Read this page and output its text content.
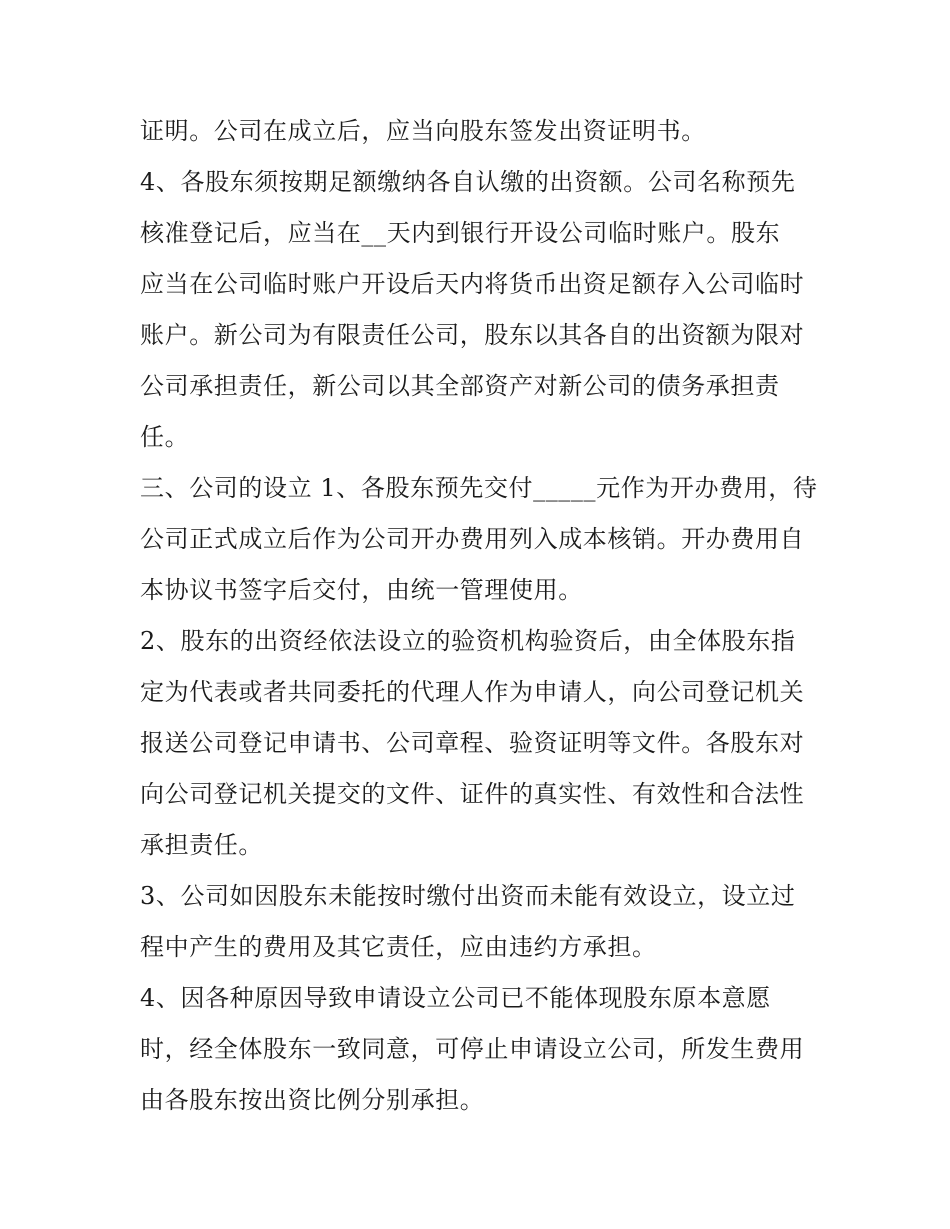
证明。公司在成立后，应当向股东签发出资证明书。
4、各股东须按期足额缴纳各自认缴的出资额。公司名称预先
核准登记后，应当在__天内到银行开设公司临时账户。股东
应当在公司临时账户开设后天内将货币出资足额存入公司临时
账户。新公司为有限责任公司，股东以其各自的出资额为限对
公司承担责任，新公司以其全部资产对新公司的债务承担责
任。
三、公司的设立 1、各股东预先交付_____元作为开办费用，待
公司正式成立后作为公司开办费用列入成本核销。开办费用自
本协议书签字后交付，由统一管理使用。
2、股东的出资经依法设立的验资机构验资后，由全体股东指
定为代表或者共同委托的代理人作为申请人，向公司登记机关
报送公司登记申请书、公司章程、验资证明等文件。各股东对
向公司登记机关提交的文件、证件的真实性、有效性和合法性
承担责任。
3、公司如因股东未能按时缴付出资而未能有效设立，设立过
程中产生的费用及其它责任，应由违约方承担。
4、因各种原因导致申请设立公司已不能体现股东原本意愿
时，经全体股东一致同意，可停止申请设立公司，所发生费用
由各股东按出资比例分别承担。
